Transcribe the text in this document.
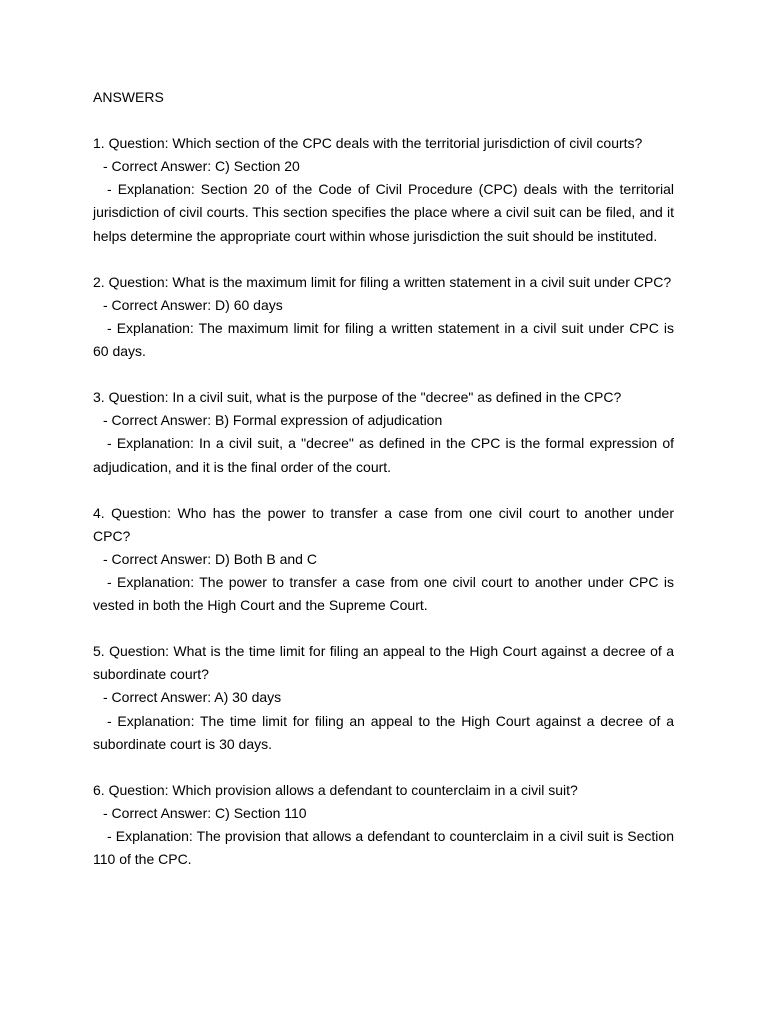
ANSWERS

1. Question: Which section of the CPC deals with the territorial jurisdiction of civil courts?

- Correct Answer: C) Section 20

- Explanation: Section 20 of the Code of Civil Procedure (CPC) deals with the territorial jurisdiction of civil courts. This section specifies the place where a civil suit can be filed, and it helps determine the appropriate court within whose jurisdiction the suit should be instituted.

2. Question: What is the maximum limit for filing a written statement in a civil suit under CPC?

- Correct Answer: D) 60 days

- Explanation: The maximum limit for filing a written statement in a civil suit under CPC is 60 days.

3. Question: In a civil suit, what is the purpose of the "decree" as defined in the CPC?

- Correct Answer: B) Formal expression of adjudication

- Explanation: In a civil suit, a "decree" as defined in the CPC is the formal expression of adjudication, and it is the final order of the court.

4. Question: Who has the power to transfer a case from one civil court to another under CPC?

- Correct Answer: D) Both B and C

- Explanation: The power to transfer a case from one civil court to another under CPC is vested in both the High Court and the Supreme Court.

5. Question: What is the time limit for filing an appeal to the High Court against a decree of a subordinate court?

- Correct Answer: A) 30 days

- Explanation: The time limit for filing an appeal to the High Court against a decree of a subordinate court is 30 days.

6. Question: Which provision allows a defendant to counterclaim in a civil suit?

- Correct Answer: C) Section 110

- Explanation: The provision that allows a defendant to counterclaim in a civil suit is Section 110 of the CPC.
